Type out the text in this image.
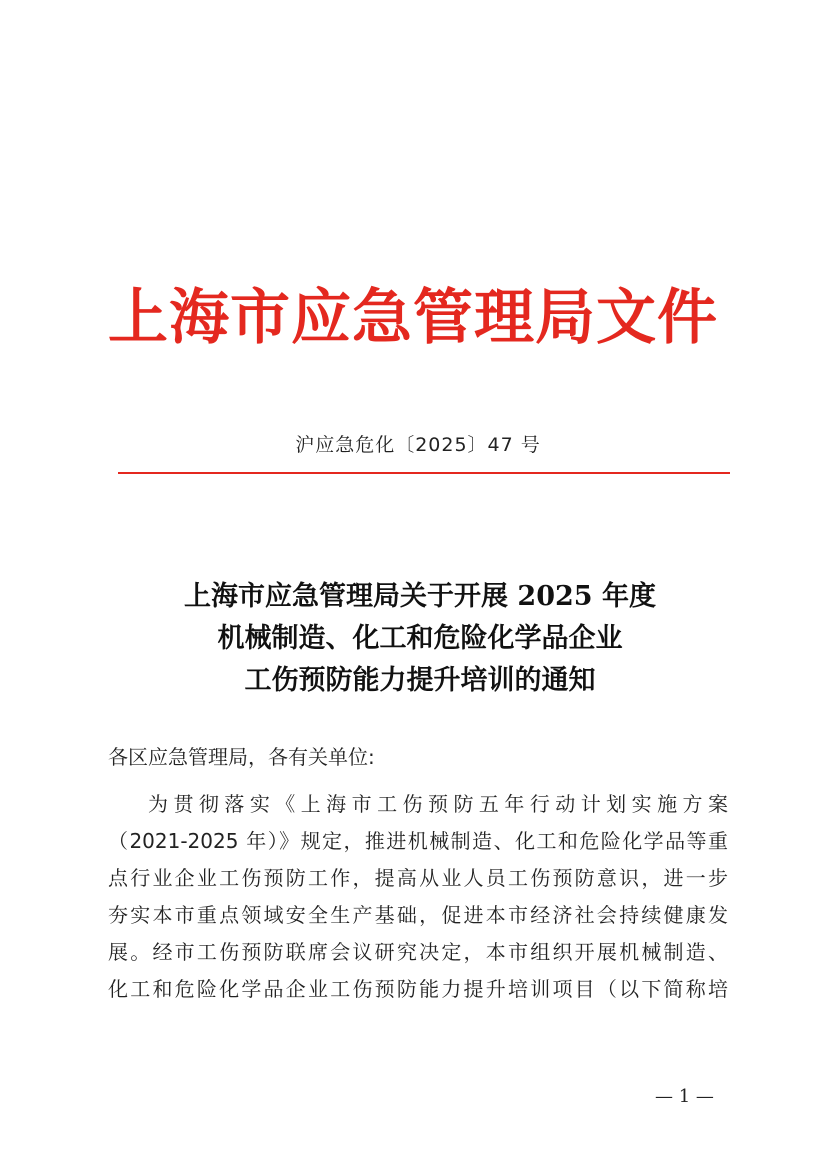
上海市应急管理局文件
沪应急危化〔2025〕47 号
上海市应急管理局关于开展 2025 年度
机械制造、化工和危险化学品企业
工伤预防能力提升培训的通知
各区应急管理局，各有关单位:
为贯彻落实《上海市工伤预防五年行动计划实施方案
（2021-2025 年）》规定，推进机械制造、化工和危险化学品等重
点行业企业工伤预防工作，提高从业人员工伤预防意识，进一步
夯实本市重点领域安全生产基础，促进本市经济社会持续健康发
展。经市工伤预防联席会议研究决定，本市组织开展机械制造、
化工和危险化学品企业工伤预防能力提升培训项目（以下简称培
— 1 —
